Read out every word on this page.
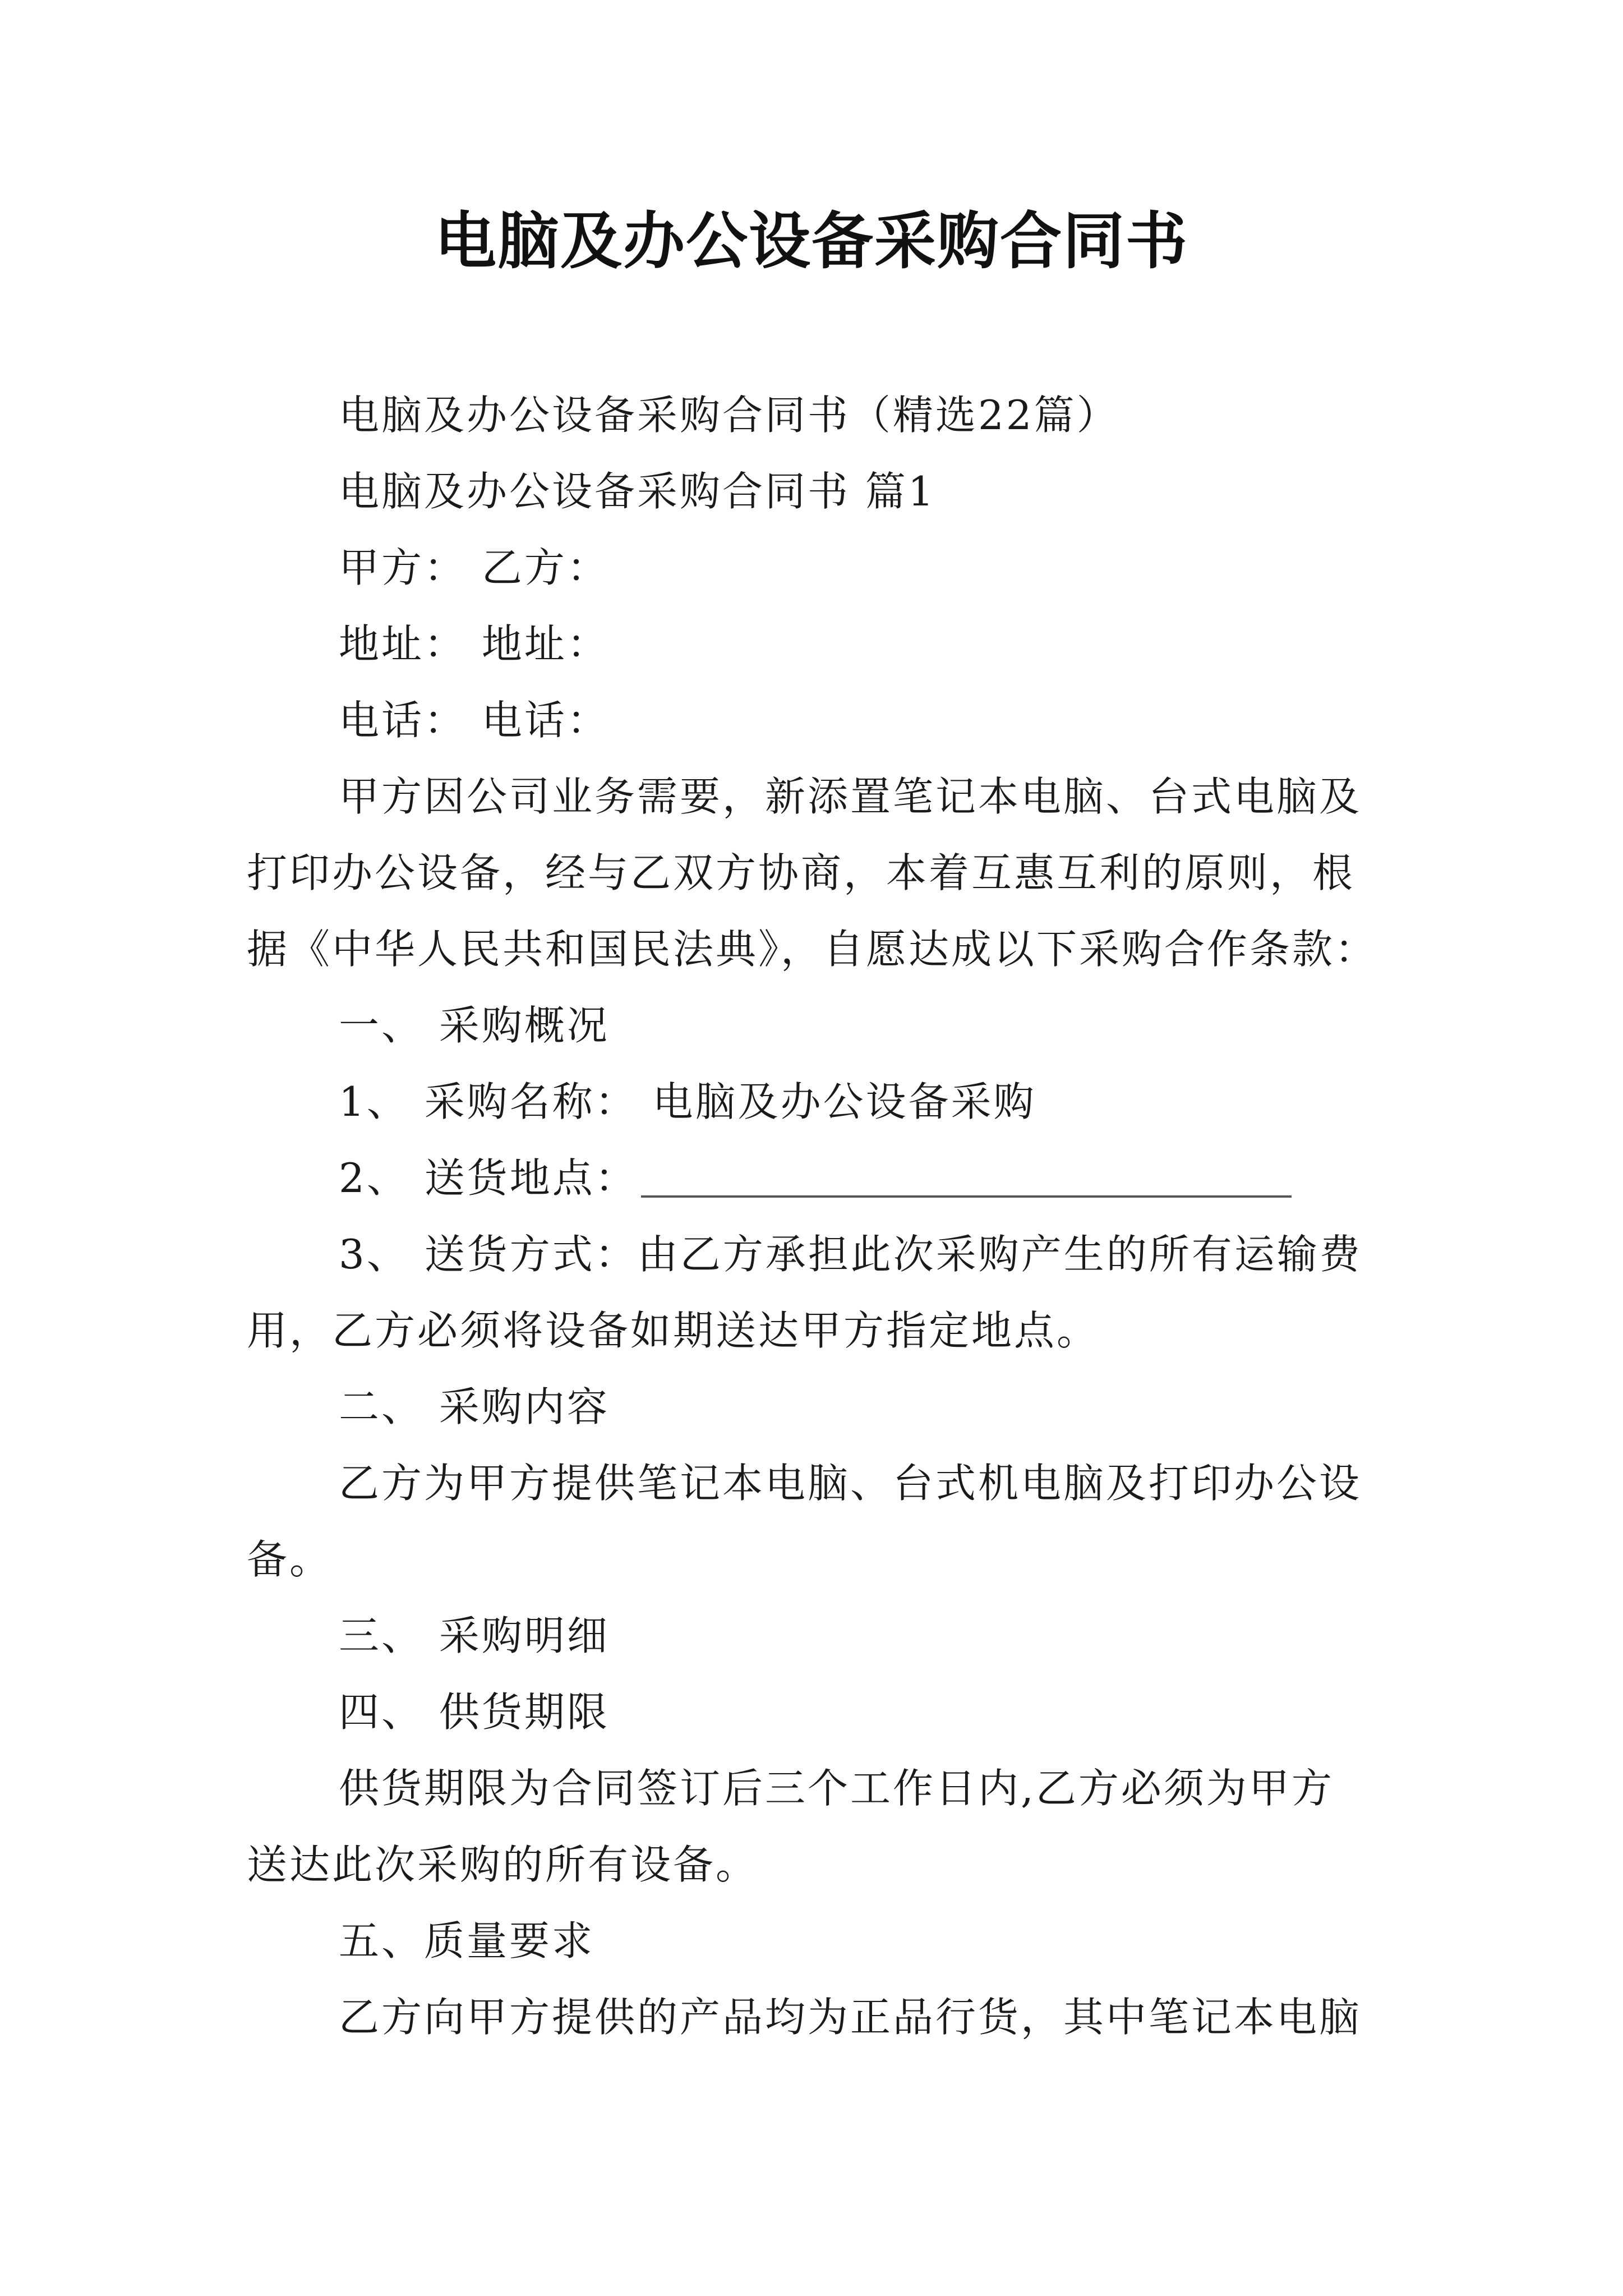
电脑及办公设备采购合同书
电脑及办公设备采购合同书（精选22篇）
电脑及办公设备采购合同书 篇1
甲方： 乙方：
地址： 地址：
电话： 电话：
甲方因公司业务需要，新添置笔记本电脑、台式电脑及
打印办公设备，经与乙双方协商，本着互惠互利的原则，根
据《中华人民共和国民法典》，自愿达成以下采购合作条款：
一、 采购概况
1、 采购名称： 电脑及办公设备采购
2、 送货地点：
3、 送货方式：由乙方承担此次采购产生的所有运输费
用，乙方必须将设备如期送达甲方指定地点。
二、 采购内容
乙方为甲方提供笔记本电脑、台式机电脑及打印办公设
备。
三、 采购明细
四、 供货期限
供货期限为合同签订后三个工作日内,乙方必须为甲方
送达此次采购的所有设备。
五、质量要求
乙方向甲方提供的产品均为正品行货，其中笔记本电脑
